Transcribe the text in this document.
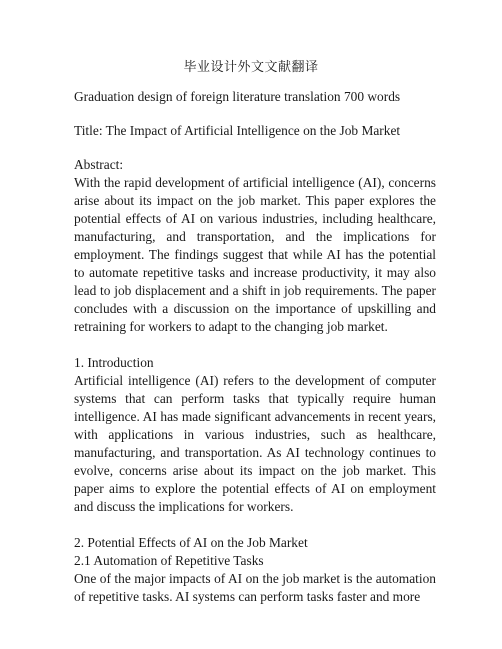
毕业设计外文文献翻译
Graduation design of foreign literature translation 700 words
Title: The Impact of Artificial Intelligence on the Job Market
Abstract:
With the rapid development of artificial intelligence (AI), concerns arise about its impact on the job market. This paper explores the potential effects of AI on various industries, including healthcare, manufacturing, and transportation, and the implications for employment. The findings suggest that while AI has the potential to automate repetitive tasks and increase productivity, it may also lead to job displacement and a shift in job requirements. The paper concludes with a discussion on the importance of upskilling and retraining for workers to adapt to the changing job market.
1. Introduction
Artificial intelligence (AI) refers to the development of computer systems that can perform tasks that typically require human intelligence. AI has made significant advancements in recent years, with applications in various industries, such as healthcare, manufacturing, and transportation. As AI technology continues to evolve, concerns arise about its impact on the job market. This paper aims to explore the potential effects of AI on employment and discuss the implications for workers.
2. Potential Effects of AI on the Job Market
2.1 Automation of Repetitive Tasks
One of the major impacts of AI on the job market is the automation of repetitive tasks. AI systems can perform tasks faster and more
